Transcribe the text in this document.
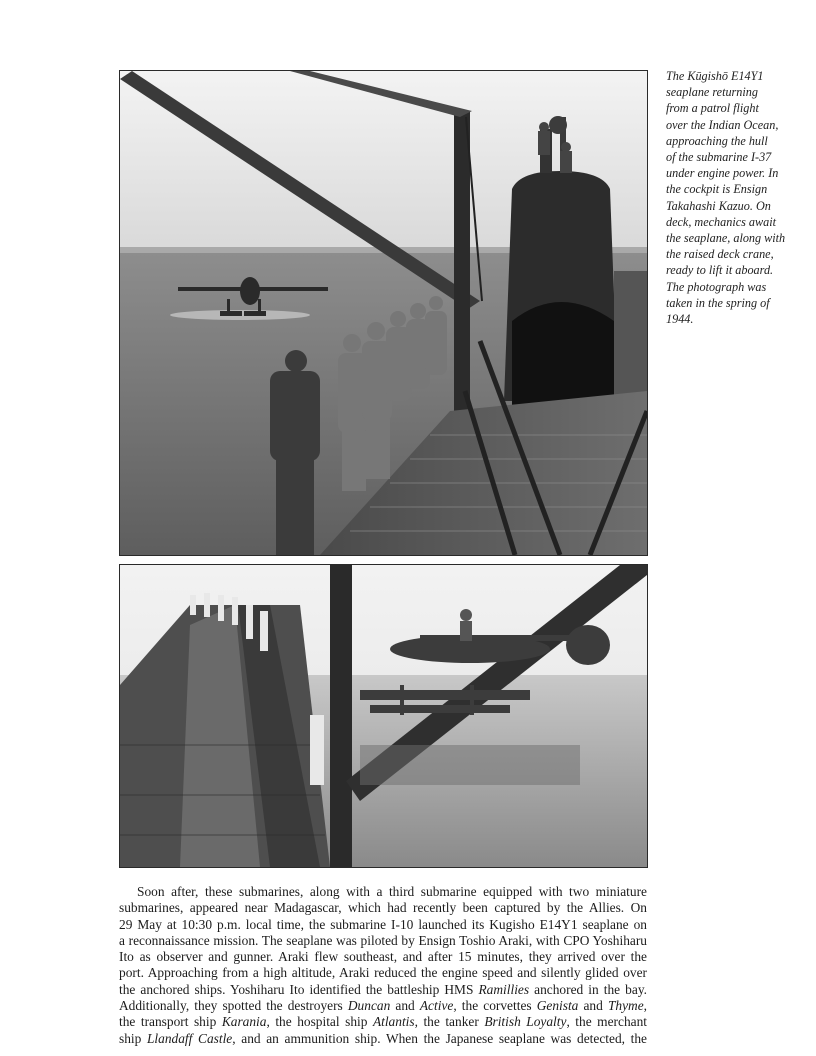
The Kūgishō E14Y1
seaplane returning
from a patrol flight
over the Indian Ocean,
approaching the hull
of the submarine I-37
under engine power. In
the cockpit is Ensign
Takahashi Kazuo. On
deck, mechanics await
the seaplane, along with
the raised deck crane,
ready to lift it aboard.
The photograph was
taken in the spring of
1944.
Soon after, these submarines, along with a third submarine equipped with two miniature
submarines, appeared near Madagascar, which had recently been captured by the Allies. On
29 May at 10:30 p.m. local time, the submarine I-10 launched its Kugisho E14Y1 seaplane on
a reconnaissance mission. The seaplane was piloted by Ensign Toshio Araki, with CPO Yoshiharu
Ito as observer and gunner. Araki flew southeast, and after 15 minutes, they arrived over the
port. Approaching from a high altitude, Araki reduced the engine speed and silently glided over
the anchored ships. Yoshiharu Ito identified the battleship HMS Ramillies anchored in the bay.
Additionally, they spotted the destroyers Duncan and Active, the corvettes Genista and Thyme,
the transport ship Karania, the hospital ship Atlantis, the tanker British Loyalty, the merchant
ship Llandaff Castle, and an ammunition ship. When the Japanese seaplane was detected, the
